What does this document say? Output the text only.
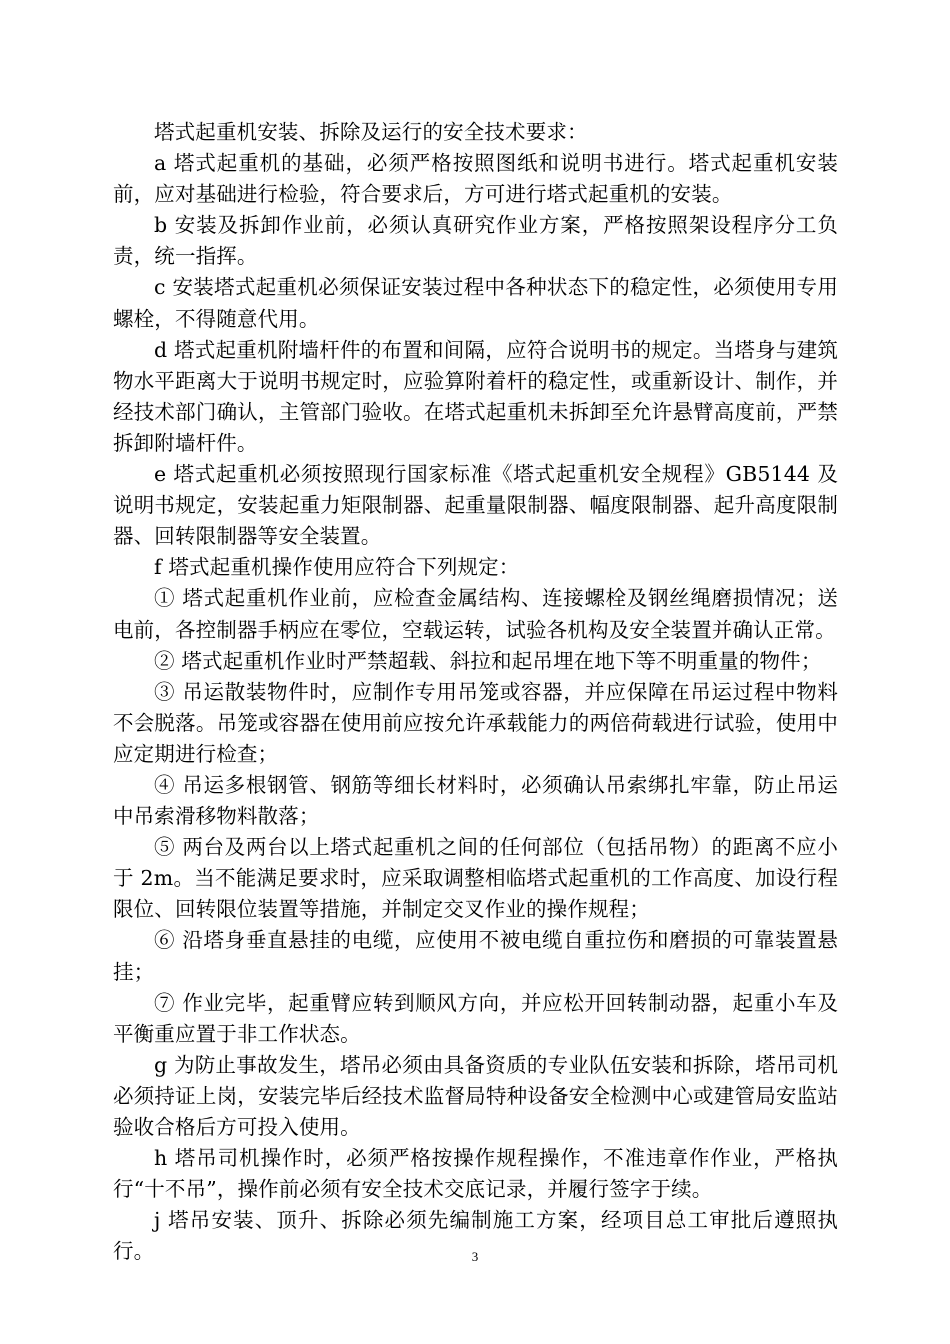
塔式起重机安装、拆除及运行的安全技术要求：

a 塔式起重机的基础，必须严格按照图纸和说明书进行。塔式起重机安装前，应对基础进行检验，符合要求后，方可进行塔式起重机的安装。

b 安装及拆卸作业前，必须认真研究作业方案，严格按照架设程序分工负责，统一指挥。

c 安装塔式起重机必须保证安装过程中各种状态下的稳定性，必须使用专用螺栓，不得随意代用。

d 塔式起重机附墙杆件的布置和间隔，应符合说明书的规定。当塔身与建筑物水平距离大于说明书规定时，应验算附着杆的稳定性，或重新设计、制作，并经技术部门确认，主管部门验收。在塔式起重机未拆卸至允许悬臂高度前，严禁拆卸附墙杆件。

e 塔式起重机必须按照现行国家标准《塔式起重机安全规程》GB5144 及说明书规定，安装起重力矩限制器、起重量限制器、幅度限制器、起升高度限制器、回转限制器等安全装置。

f 塔式起重机操作使用应符合下列规定：

① 塔式起重机作业前，应检查金属结构、连接螺栓及钢丝绳磨损情况；送电前，各控制器手柄应在零位，空载运转，试验各机构及安全装置并确认正常。

② 塔式起重机作业时严禁超载、斜拉和起吊埋在地下等不明重量的物件；

③ 吊运散装物件时，应制作专用吊笼或容器，并应保障在吊运过程中物料不会脱落。吊笼或容器在使用前应按允许承载能力的两倍荷载进行试验，使用中应定期进行检查；

④ 吊运多根钢管、钢筋等细长材料时，必须确认吊索绑扎牢靠，防止吊运中吊索滑移物料散落；

⑤ 两台及两台以上塔式起重机之间的任何部位（包括吊物）的距离不应小于 2m。当不能满足要求时，应采取调整相临塔式起重机的工作高度、加设行程限位、回转限位装置等措施，并制定交叉作业的操作规程；

⑥ 沿塔身垂直悬挂的电缆，应使用不被电缆自重拉伤和磨损的可靠装置悬挂；

⑦ 作业完毕，起重臂应转到顺风方向，并应松开回转制动器，起重小车及平衡重应置于非工作状态。

g 为防止事故发生，塔吊必须由具备资质的专业队伍安装和拆除，塔吊司机必须持证上岗，安装完毕后经技术监督局特种设备安全检测中心或建管局安监站验收合格后方可投入使用。

h 塔吊司机操作时，必须严格按操作规程操作，不准违章作作业，严格执行“十不吊”，操作前必须有安全技术交底记录，并履行签字于续。

j 塔吊安装、顶升、拆除必须先编制施工方案，经项目总工审批后遵照执行。	3
